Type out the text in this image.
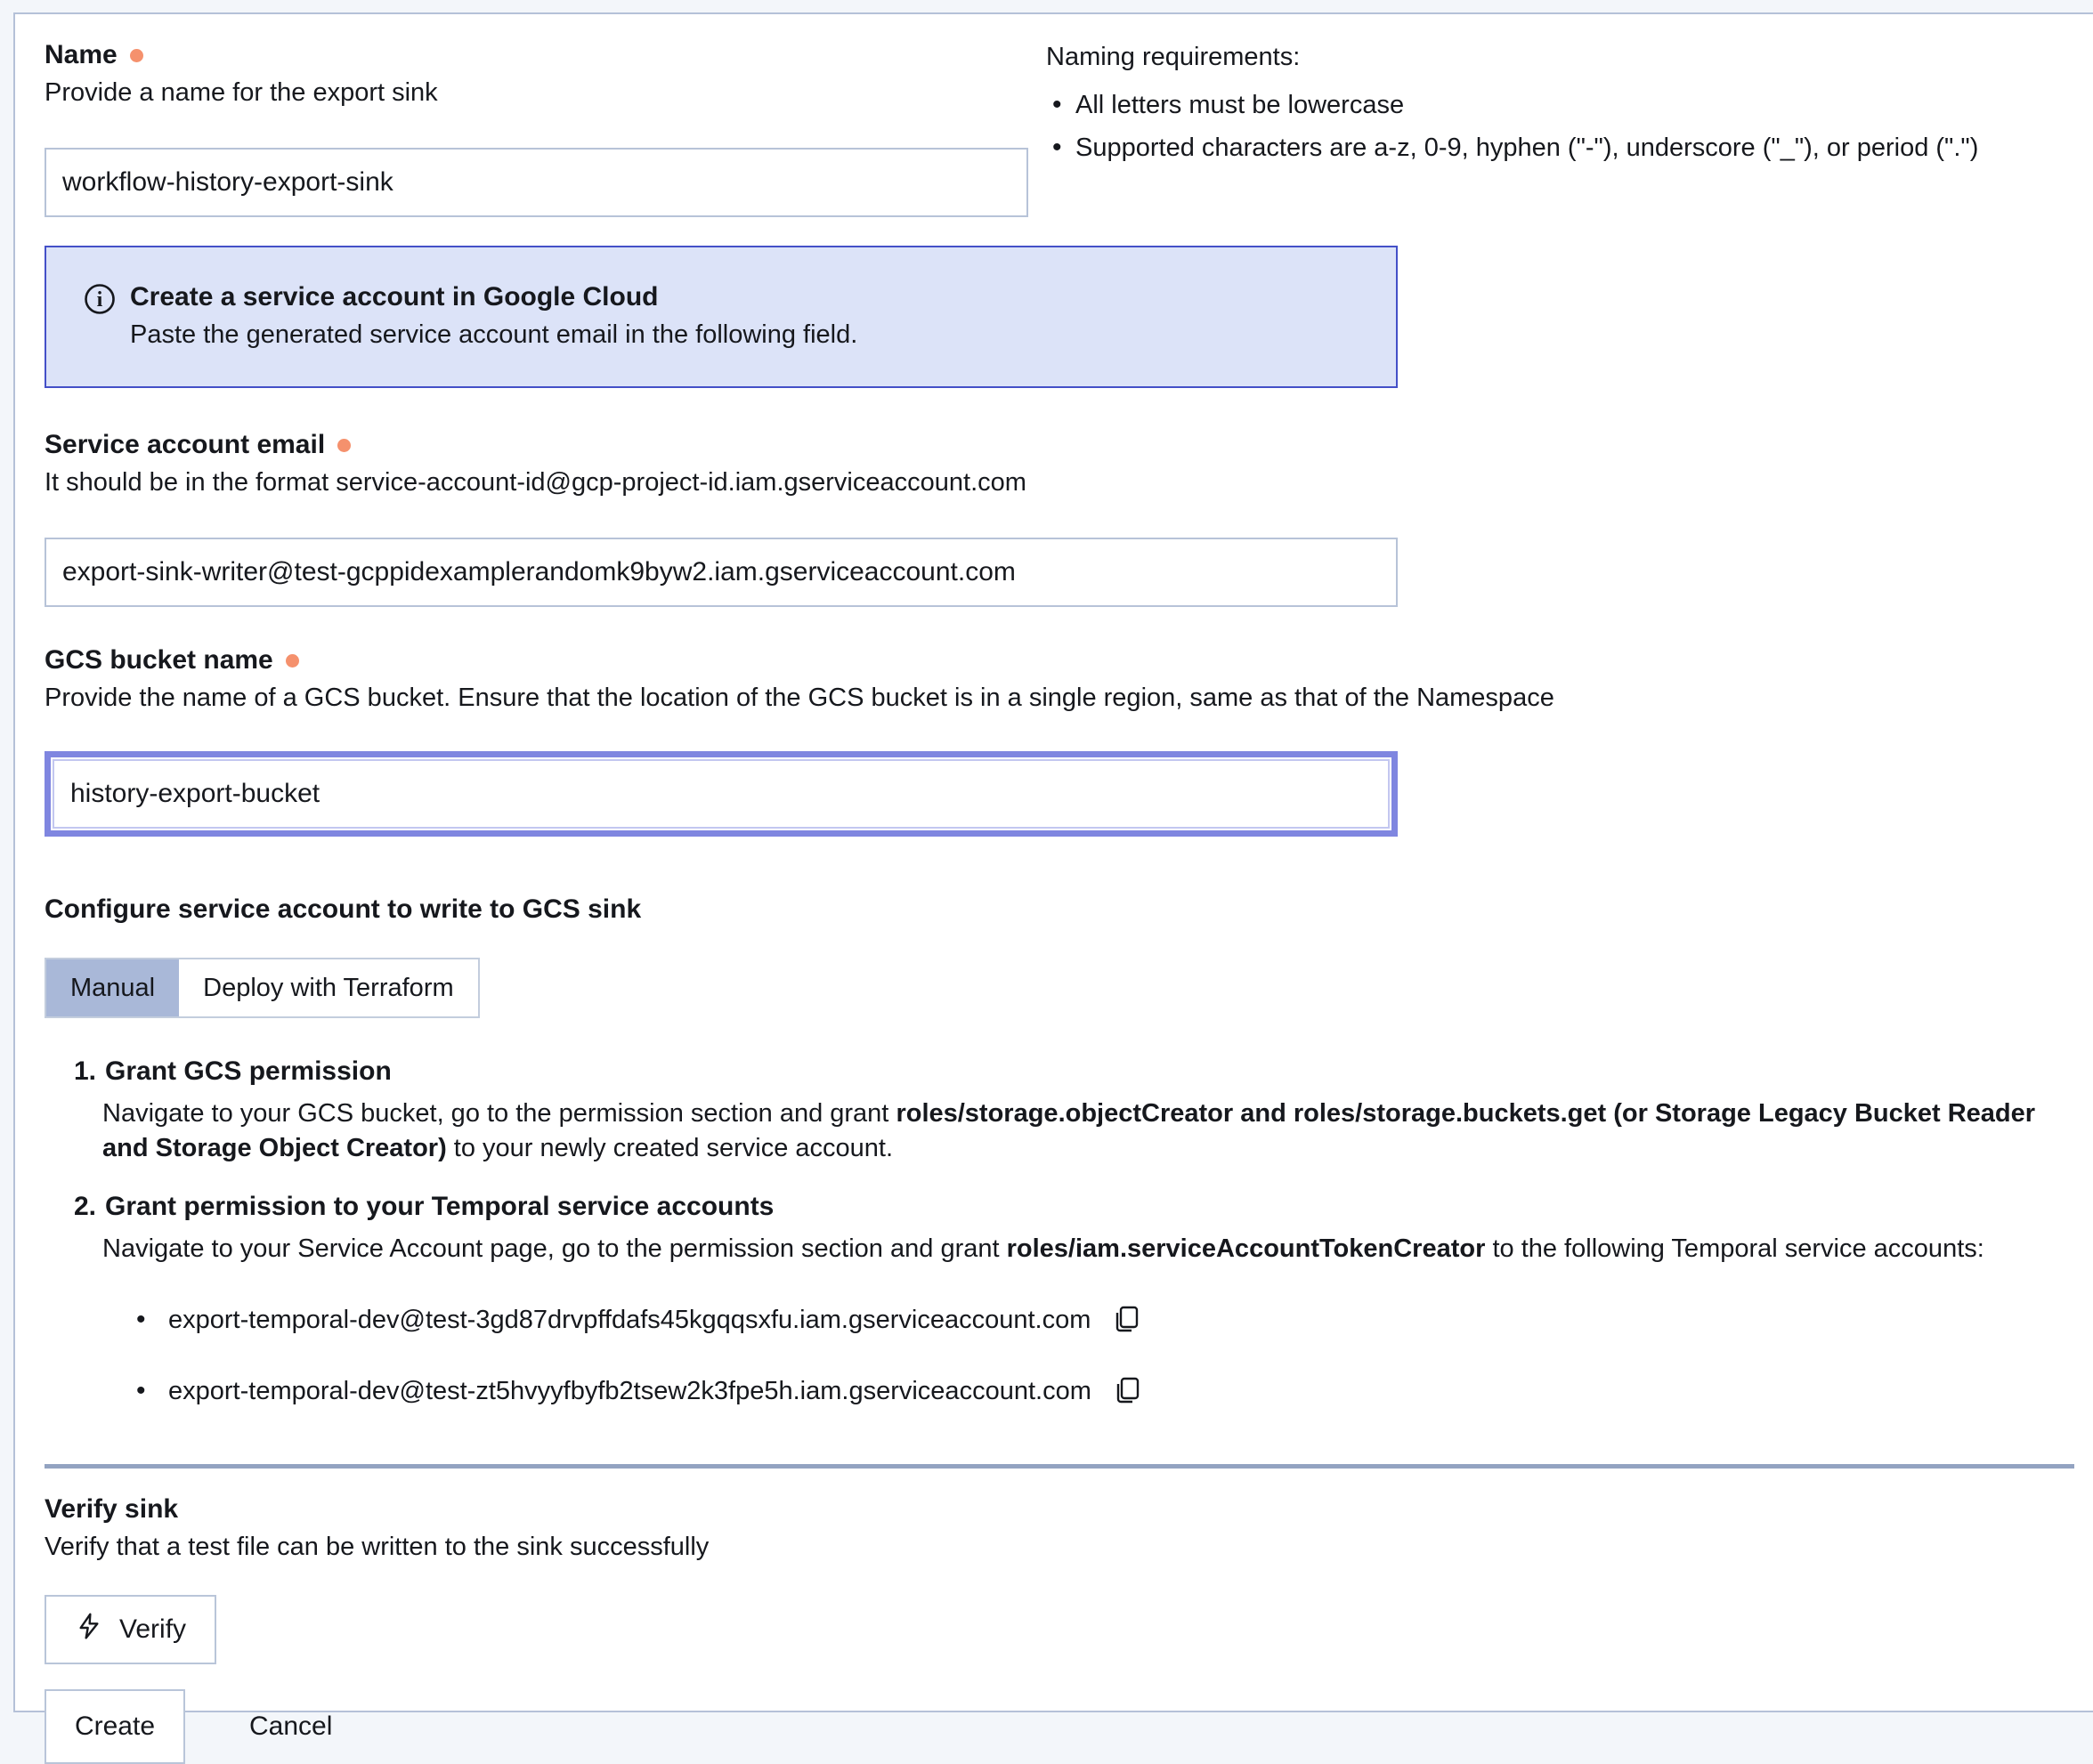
Name
Provide a name for the export sink
workflow-history-export-sink
Naming requirements:
• All letters must be lowercase
• Supported characters are a-z, 0-9, hyphen ("-"), underscore ("_"), or period (".")
i Create a service account in Google Cloud
Paste the generated service account email in the following field.
Service account email
It should be in the format service-account-id@gcp-project-id.iam.gserviceaccount.com
export-sink-writer@test-gcppidexamplerandomk9byw2.iam.gserviceaccount.com
GCS bucket name
Provide the name of a GCS bucket. Ensure that the location of the GCS bucket is in a single region, same as that of the Namespace
history-export-bucket
Configure service account to write to GCS sink
Manual	Deploy with Terraform
1. Grant GCS permission
Navigate to your GCS bucket, go to the permission section and grant roles/storage.objectCreator and roles/storage.buckets.get (or Storage Legacy Bucket Reader and Storage Object Creator) to your newly created service account.
2. Grant permission to your Temporal service accounts
Navigate to your Service Account page, go to the permission section and grant roles/iam.serviceAccountTokenCreator to the following Temporal service accounts:
• export-temporal-dev@test-3gd87drvpffdafs45kgqqsxfu.iam.gserviceaccount.com
• export-temporal-dev@test-zt5hvyyfbyfb2tsew2k3fpe5h.iam.gserviceaccount.com
Verify sink
Verify that a test file can be written to the sink successfully
Verify
Create	Cancel
